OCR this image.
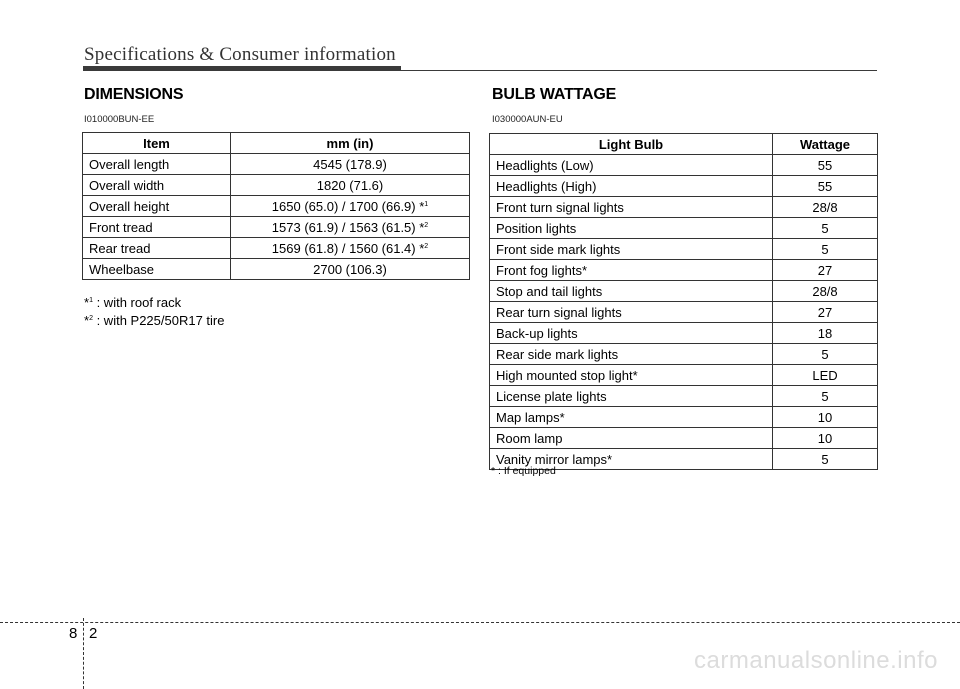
Specifications & Consumer information
DIMENSIONS
I010000BUN-EE
Item	mm (in)
Overall length	4545 (178.9)
Overall width	1820 (71.6)
Overall height	1650 (65.0) / 1700 (66.9) *$^1$
Front tread	1573 (61.9) / 1563 (61.5) *$^2$
Rear tread	1569 (61.8) / 1560 (61.4) *$^2$
Wheelbase	2700 (106.3)
*$^1$ : with roof rack
*$^2$ : with P225/50R17 tire
BULB WATTAGE
I030000AUN-EU
Light Bulb	Wattage
Headlights (Low)	55
Headlights (High)	55
Front turn signal lights	28/8
Position lights	5
Front side mark lights	5
Front fog lights*	27
Stop and tail lights	28/8
Rear turn signal lights	27
Back-up lights	18
Rear side mark lights	5
High mounted stop light*	LED
License plate lights	5
Map lamps*	10
Room lamp	10
Vanity mirror lamps*	5
* : If equipped
8 2
carmanualsonline.info
